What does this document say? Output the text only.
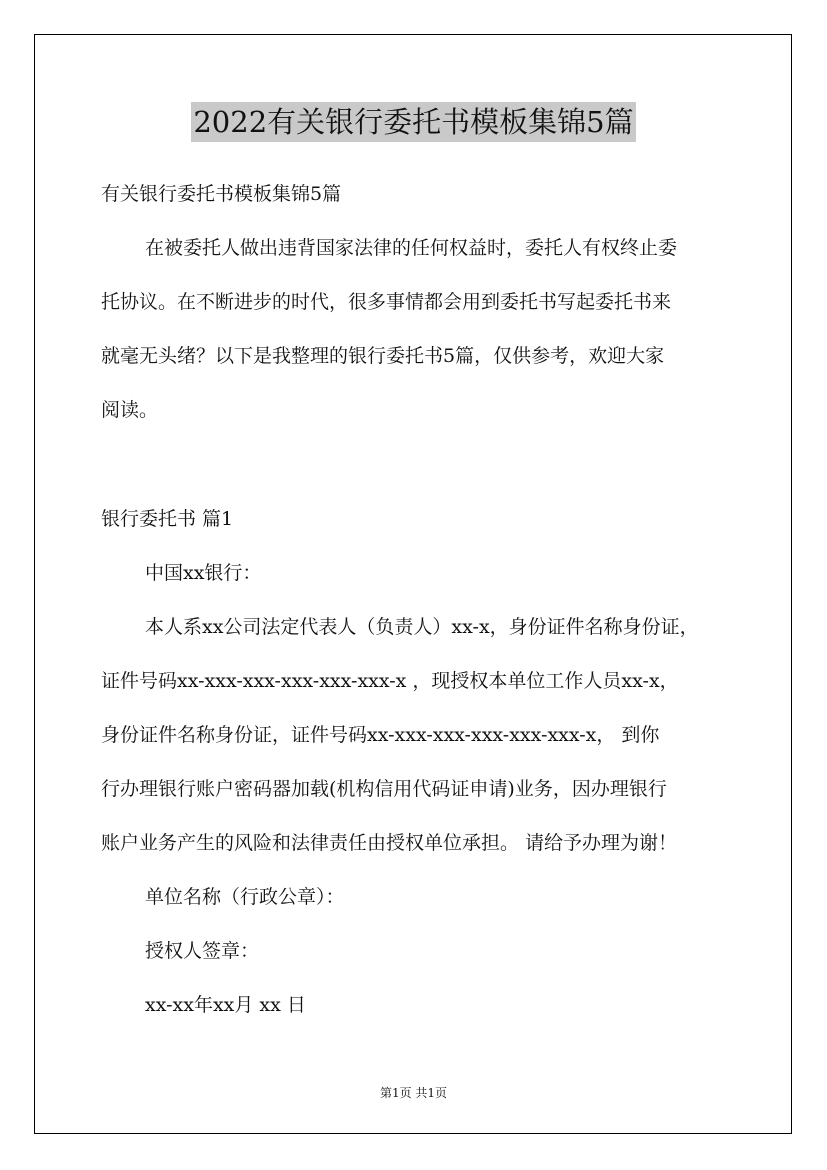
2022有关银行委托书模板集锦5篇
有关银行委托书模板集锦5篇
在被委托人做出违背国家法律的任何权益时，委托人有权终止委
托协议。在不断进步的时代，很多事情都会用到委托书写起委托书来
就毫无头绪？以下是我整理的银行委托书5篇，仅供参考，欢迎大家
阅读。
银行委托书 篇1
中国xx银行：
本人系xx公司法定代表人（负责人）xx-x，身份证件名称身份证，
证件号码xx-xxx-xxx-xxx-xxx-xxx-x ，现授权本单位工作人员xx-x，
身份证件名称身份证，证件号码xx-xxx-xxx-xxx-xxx-xxx-x， 到你
行办理银行账户密码器加载(机构信用代码证申请)业务，因办理银行
账户业务产生的风险和法律责任由授权单位承担。 请给予办理为谢！
单位名称（行政公章）：
授权人签章：
xx-xx年xx月 xx 日
第1页 共1页
